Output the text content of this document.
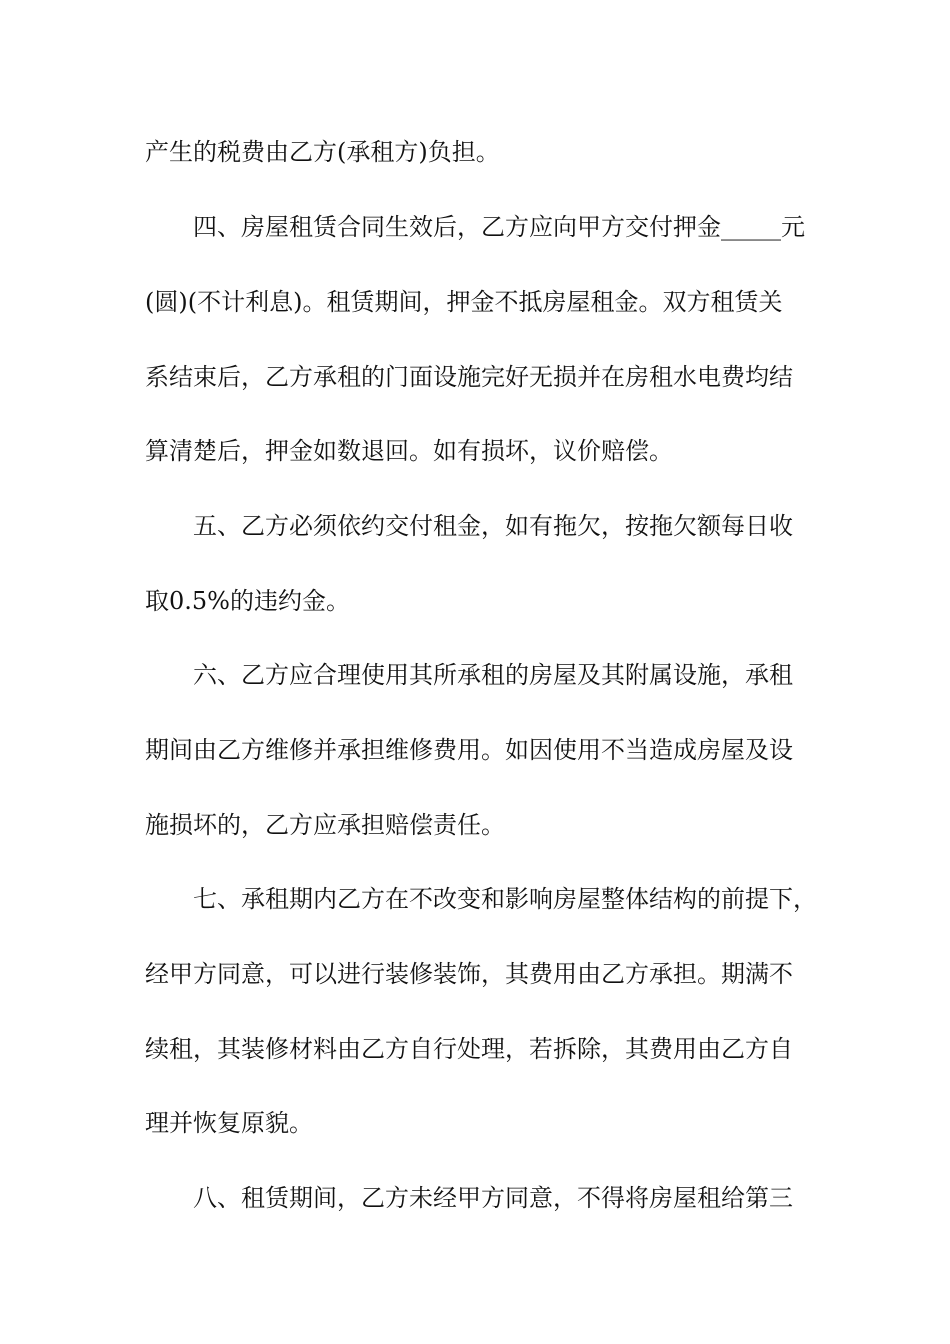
产生的税费由乙方(承租方)负担。

四、房屋租赁合同生效后，乙方应向甲方交付押金_____元

(圆)(不计利息)。租赁期间，押金不抵房屋租金。双方租赁关

系结束后，乙方承租的门面设施完好无损并在房租水电费均结

算清楚后，押金如数退回。如有损坏，议价赔偿。

五、乙方必须依约交付租金，如有拖欠，按拖欠额每日收

取0.5%的违约金。

六、乙方应合理使用其所承租的房屋及其附属设施，承租

期间由乙方维修并承担维修费用。如因使用不当造成房屋及设

施损坏的，乙方应承担赔偿责任。

七、承租期内乙方在不改变和影响房屋整体结构的前提下，

经甲方同意，可以进行装修装饰，其费用由乙方承担。期满不

续租，其装修材料由乙方自行处理，若拆除，其费用由乙方自

理并恢复原貌。

八、租赁期间，乙方未经甲方同意，不得将房屋租给第三
